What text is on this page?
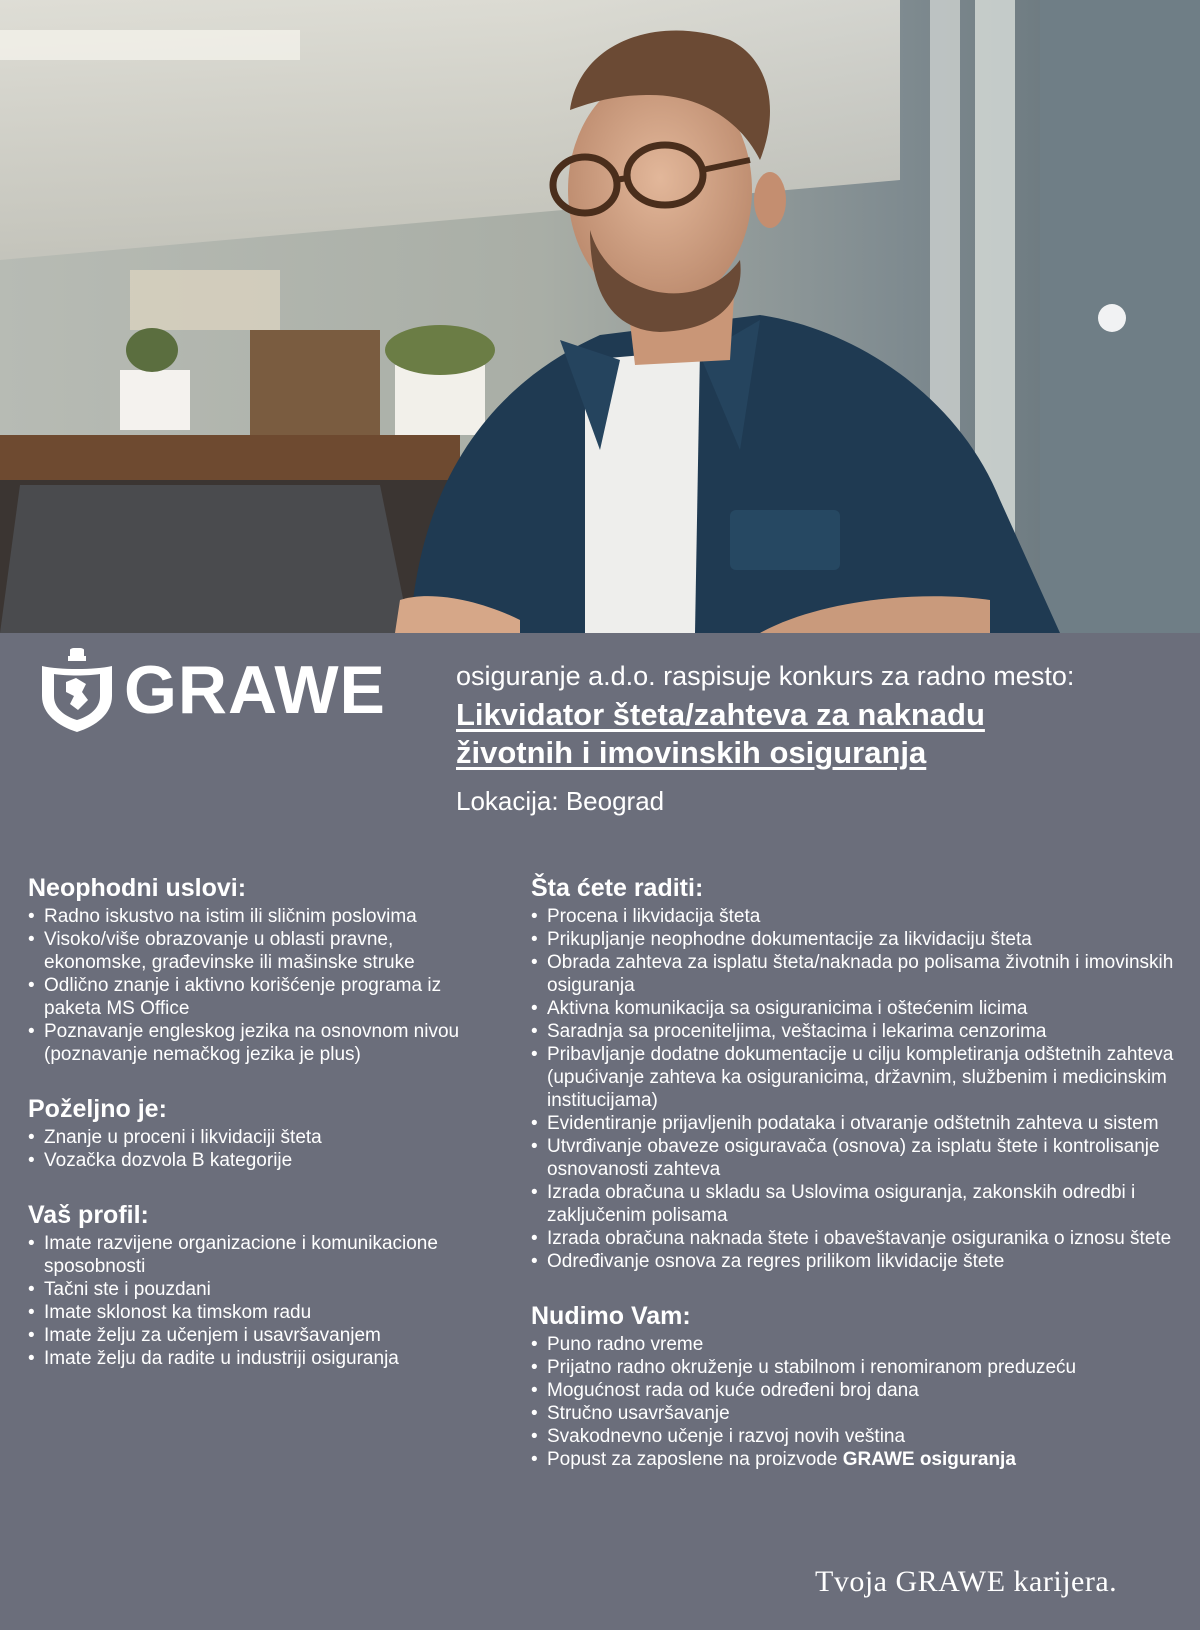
GRAWE	osiguranje a.d.o. raspisuje konkurs za radno mesto:
Likvidator šteta/zahteva za naknadu
životnih i imovinskih osiguranja
Lokacija: Beograd
Neophodni uslovi:
• Radno iskustvo na istim ili sličnim poslovima
• Visoko/više obrazovanje u oblasti pravne, ekonomske, građevinske ili mašinske struke
• Odlično znanje i aktivno korišćenje programa iz paketa MS Office
• Poznavanje engleskog jezika na osnovnom nivou (poznavanje nemačkog jezika je plus)
Poželjno je:
• Znanje u proceni i likvidaciji šteta
• Vozačka dozvola B kategorije
Vaš profil:
• Imate razvijene organizacione i komunikacione sposobnosti
• Tačni ste i pouzdani
• Imate sklonost ka timskom radu
• Imate želju za učenjem i usavršavanjem
• Imate želju da radite u industriji osiguranja
Šta ćete raditi:
• Procena i likvidacija šteta
• Prikupljanje neophodne dokumentacije za likvidaciju šteta
• Obrada zahteva za isplatu šteta/naknada po polisama životnih i imovinskih osiguranja
• Aktivna komunikacija sa osiguranicima i oštećenim licima
• Saradnja sa proceniteljima, veštacima i lekarima cenzorima
• Pribavljanje dodatne dokumentacije u cilju kompletiranja odštetnih zahteva (upućivanje zahteva ka osiguranicima, državnim, službenim i medicinskim institucijama)
• Evidentiranje prijavljenih podataka i otvaranje odštetnih zahteva u sistem
• Utvrđivanje obaveze osiguravača (osnova) za isplatu štete i kontrolisanje osnovanosti zahteva
• Izrada obračuna u skladu sa Uslovima osiguranja, zakonskih odredbi i zaključenim polisama
• Izrada obračuna naknada štete i obaveštavanje osiguranika o iznosu štete
• Određivanje osnova za regres prilikom likvidacije štete
Nudimo Vam:
• Puno radno vreme
• Prijatno radno okruženje u stabilnom i renomiranom preduzeću
• Mogućnost rada od kuće određeni broj dana
• Stručno usavršavanje
• Svakodnevno učenje i razvoj novih veština
• Popust za zaposlene na proizvode GRAWE osiguranja
Tvoja GRAWE karijera.
